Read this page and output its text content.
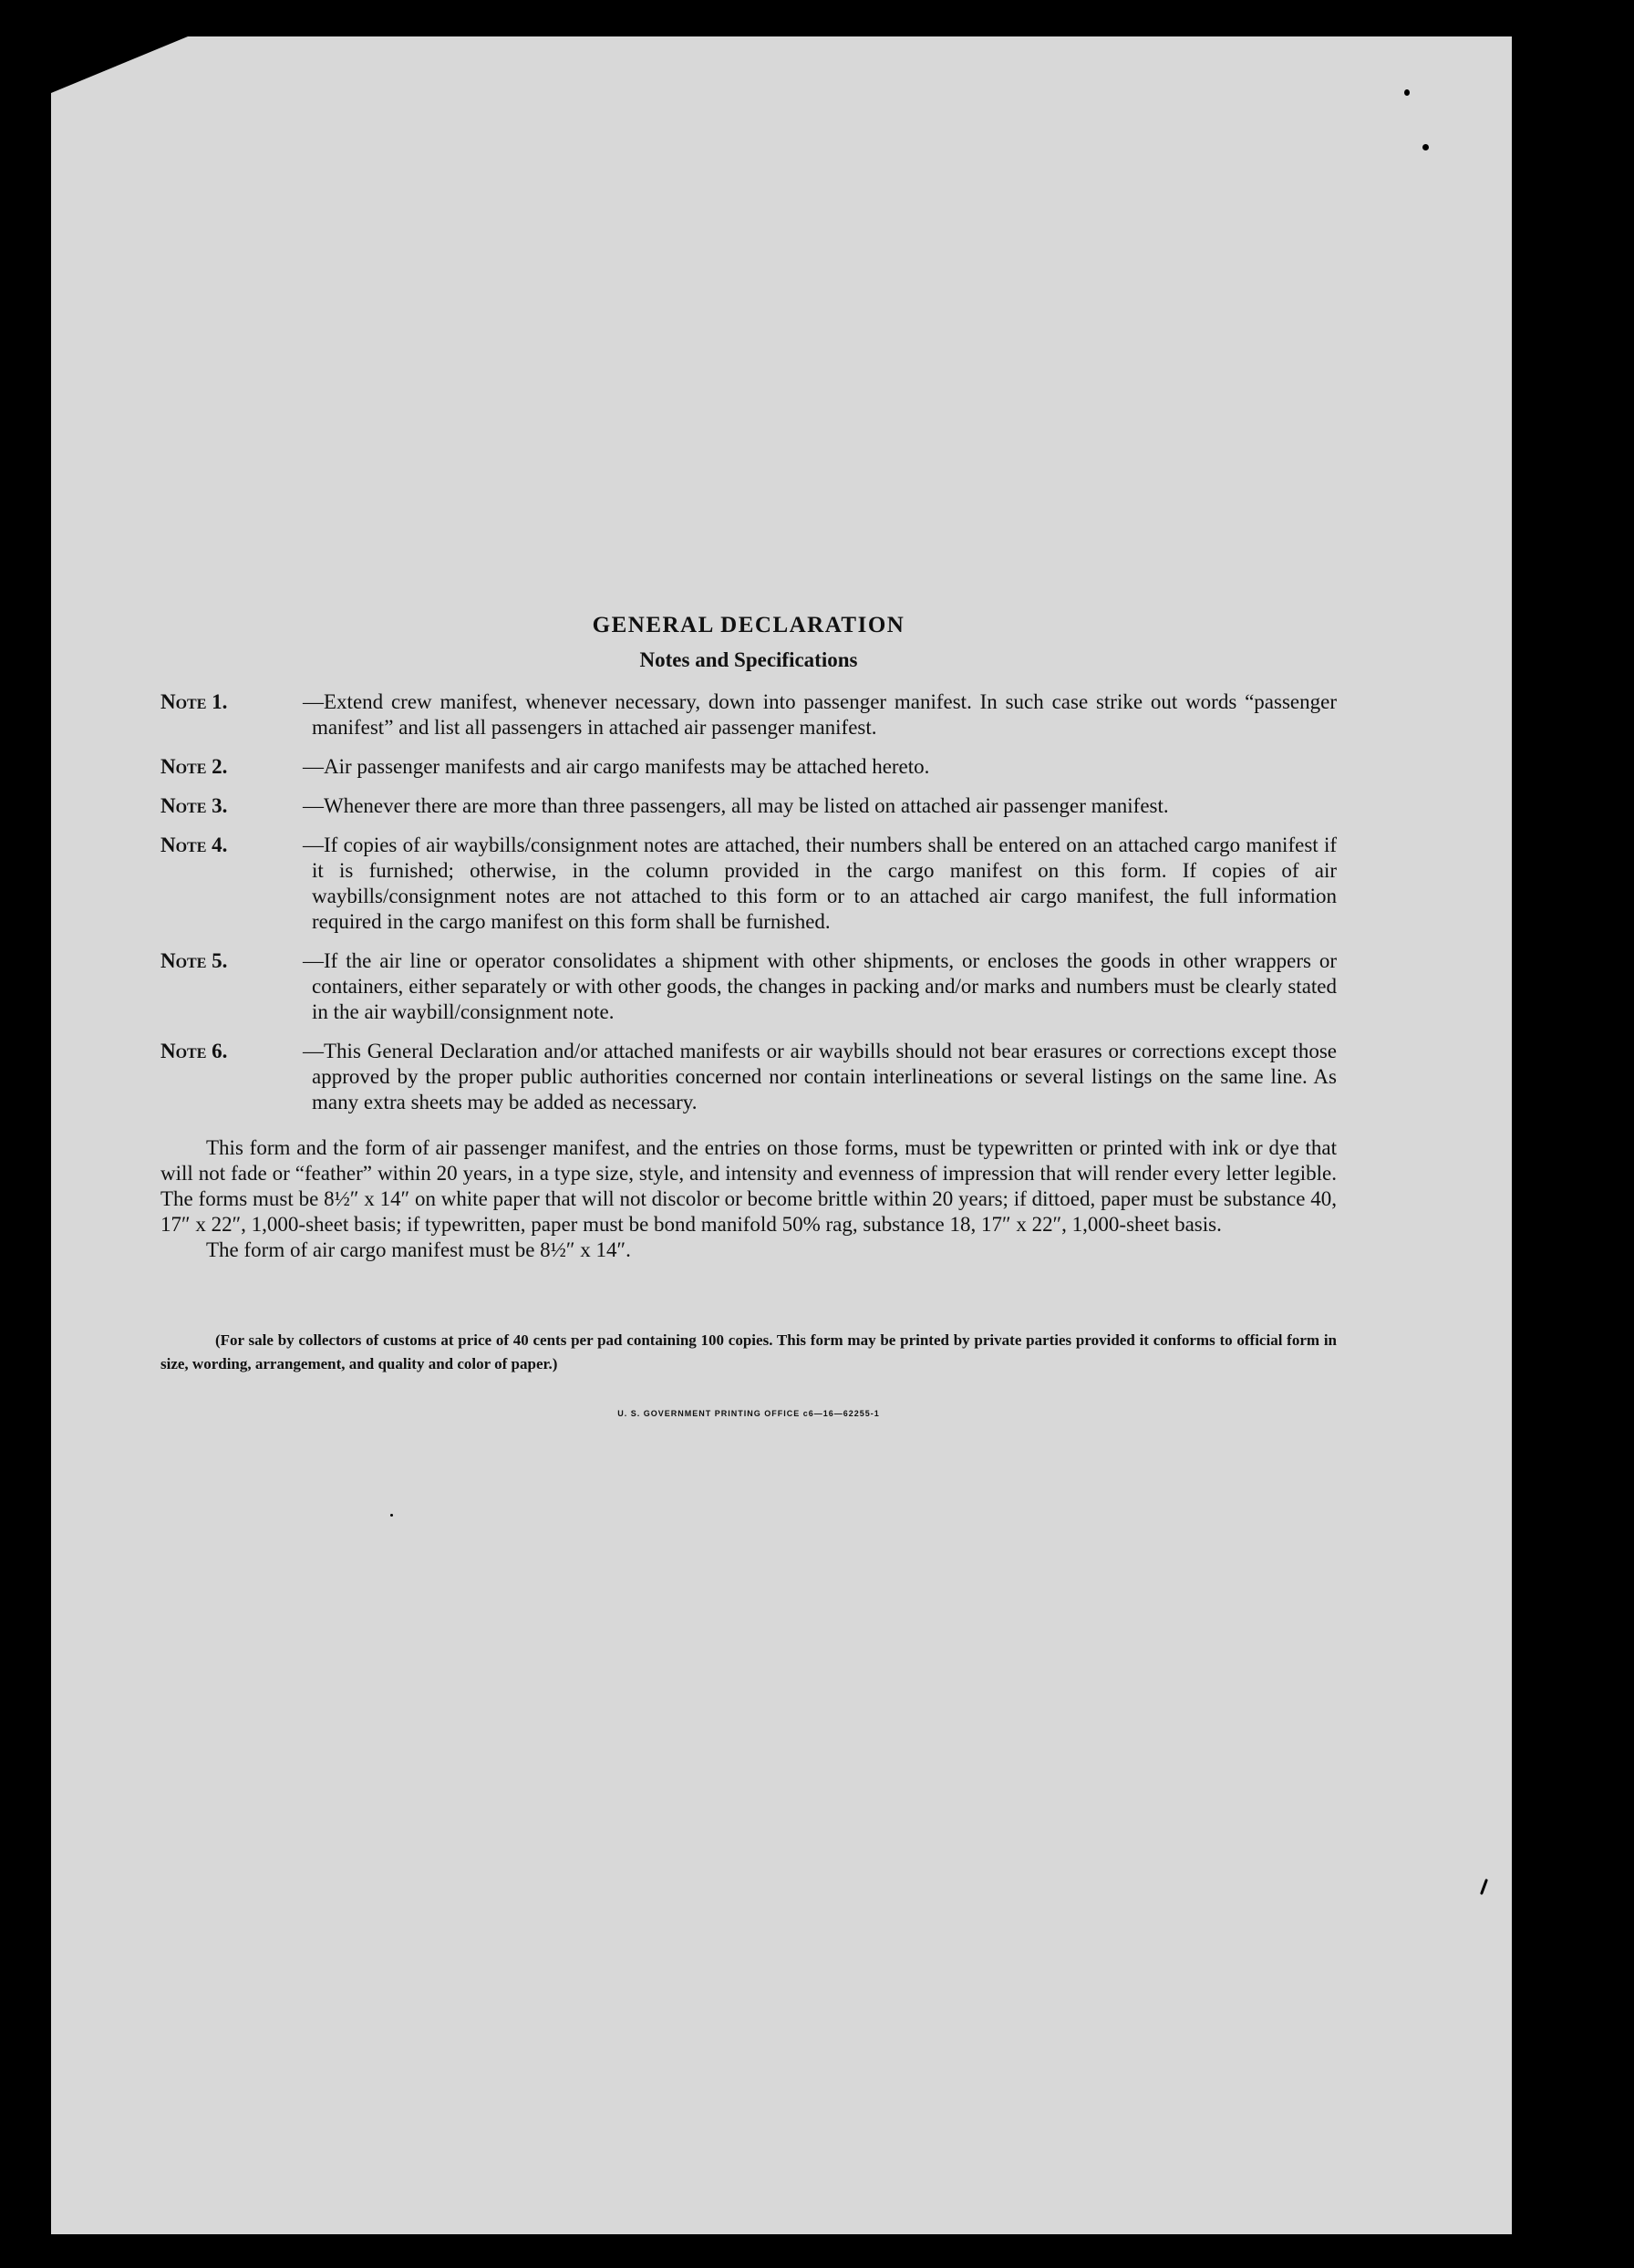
GENERAL DECLARATION
Notes and Specifications
Note 1.	—Extend crew manifest, whenever necessary, down into passenger manifest. In such case strike out words “passenger manifest” and list all passengers in attached air passenger manifest.
Note 2.	—Air passenger manifests and air cargo manifests may be attached hereto.
Note 3.	—Whenever there are more than three passengers, all may be listed on attached air passenger manifest.
Note 4.	—If copies of air waybills/consignment notes are attached, their numbers shall be entered on an attached cargo manifest if it is furnished; otherwise, in the column provided in the cargo manifest on this form. If copies of air waybills/consignment notes are not attached to this form or to an attached air cargo manifest, the full information required in the cargo manifest on this form shall be furnished.
Note 5.	—If the air line or operator consolidates a shipment with other shipments, or encloses the goods in other wrappers or containers, either separately or with other goods, the changes in packing and/or marks and numbers must be clearly stated in the air waybill/consignment note.
Note 6.	—This General Declaration and/or attached manifests or air waybills should not bear erasures or corrections except those approved by the proper public authorities concerned nor contain interlineations or several listings on the same line. As many extra sheets may be added as necessary.

This form and the form of air passenger manifest, and the entries on those forms, must be typewritten or printed with ink or dye that will not fade or “feather” within 20 years, in a type size, style, and intensity and evenness of impression that will render every letter legible. The forms must be 8½″ x 14″ on white paper that will not discolor or become brittle within 20 years; if dittoed, paper must be substance 40, 17″ x 22″, 1,000-sheet basis; if typewritten, paper must be bond manifold 50% rag, substance 18, 17″ x 22″, 1,000-sheet basis.

The form of air cargo manifest must be 8½″ x 14″.

(For sale by collectors of customs at price of 40 cents per pad containing 100 copies. This form may be printed by private parties provided it conforms to official form in size, wording, arrangement, and quality and color of paper.)

U. S. GOVERNMENT PRINTING OFFICE c6—16—62255-1
